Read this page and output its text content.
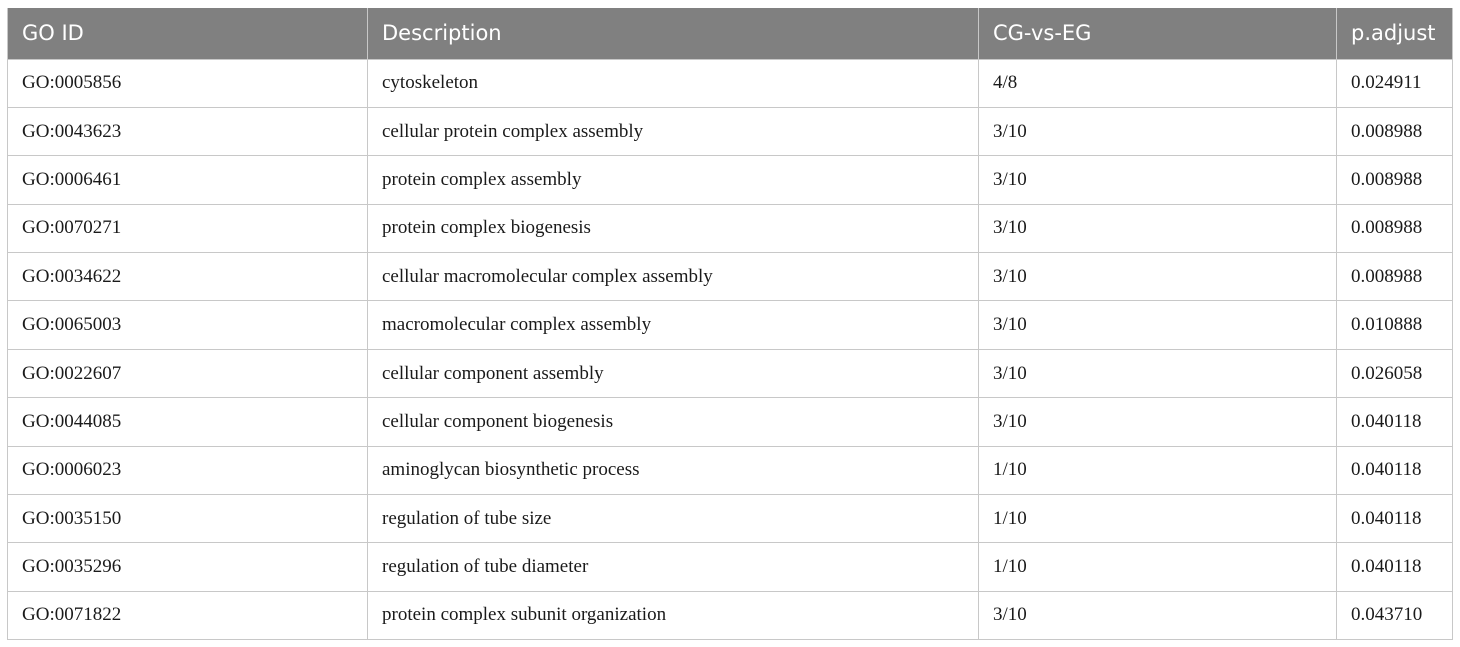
GO ID	Description	CG-vs-EG	p.adjust
GO:0005856	cytoskeleton	4/8	0.024911
GO:0043623	cellular protein complex assembly	3/10	0.008988
GO:0006461	protein complex assembly	3/10	0.008988
GO:0070271	protein complex biogenesis	3/10	0.008988
GO:0034622	cellular macromolecular complex assembly	3/10	0.008988
GO:0065003	macromolecular complex assembly	3/10	0.010888
GO:0022607	cellular component assembly	3/10	0.026058
GO:0044085	cellular component biogenesis	3/10	0.040118
GO:0006023	aminoglycan biosynthetic process	1/10	0.040118
GO:0035150	regulation of tube size	1/10	0.040118
GO:0035296	regulation of tube diameter	1/10	0.040118
GO:0071822	protein complex subunit organization	3/10	0.043710
